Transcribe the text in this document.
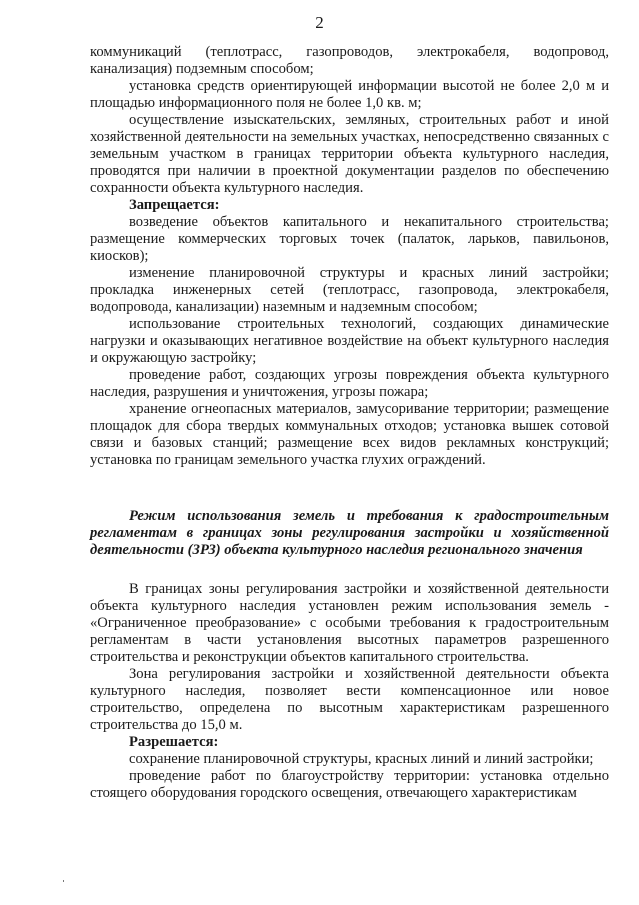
2

коммуникаций (теплотрасс, газопроводов, электрокабеля, водопровод, канализация) подземным способом;

установка средств ориентирующей информации высотой не более 2,0 м и площадью информационного поля не более 1,0 кв. м;

осуществление изыскательских, земляных, строительных работ и иной хозяйственной деятельности на земельных участках, непосредственно связанных с земельным участком в границах территории объекта культурного наследия, проводятся при наличии в проектной документации разделов по обеспечению сохранности объекта культурного наследия.

Запрещается:

возведение объектов капитального и некапитального строительства; размещение коммерческих торговых точек (палаток, ларьков, павильонов, киосков);

изменение планировочной структуры и красных линий застройки; прокладка инженерных сетей (теплотрасс, газопровода, электрокабеля, водопровода, канализации) наземным и надземным способом;

использование строительных технологий, создающих динамические нагрузки и оказывающих негативное воздействие на объект культурного наследия и окружающую застройку;

проведение работ, создающих угрозы повреждения объекта культурного наследия, разрушения и уничтожения, угрозы пожара;

хранение огнеопасных материалов, замусоривание территории; размещение площадок для сбора твердых коммунальных отходов; установка вышек сотовой связи и базовых станций; размещение всех видов рекламных конструкций; установка по границам земельного участка глухих ограждений.

Режим использования земель и требования к градостроительным регламентам в границах зоны регулирования застройки и хозяйственной деятельности (ЗРЗ) объекта культурного наследия регионального значения

В границах зоны регулирования застройки и хозяйственной деятельности объекта культурного наследия установлен режим использования земель - «Ограниченное преобразование» с особыми требования к градостроительным регламентам в части установления высотных параметров разрешенного строительства и реконструкции объектов капитального строительства.

Зона регулирования застройки и хозяйственной деятельности объекта культурного наследия, позволяет вести компенсационное или новое строительство, определена по высотным характеристикам разрешенного строительства до 15,0 м.

Разрешается:

сохранение планировочной структуры, красных линий и линий застройки;

проведение работ по благоустройству территории: установка отдельно стоящего оборудования городского освещения, отвечающего характеристикам
